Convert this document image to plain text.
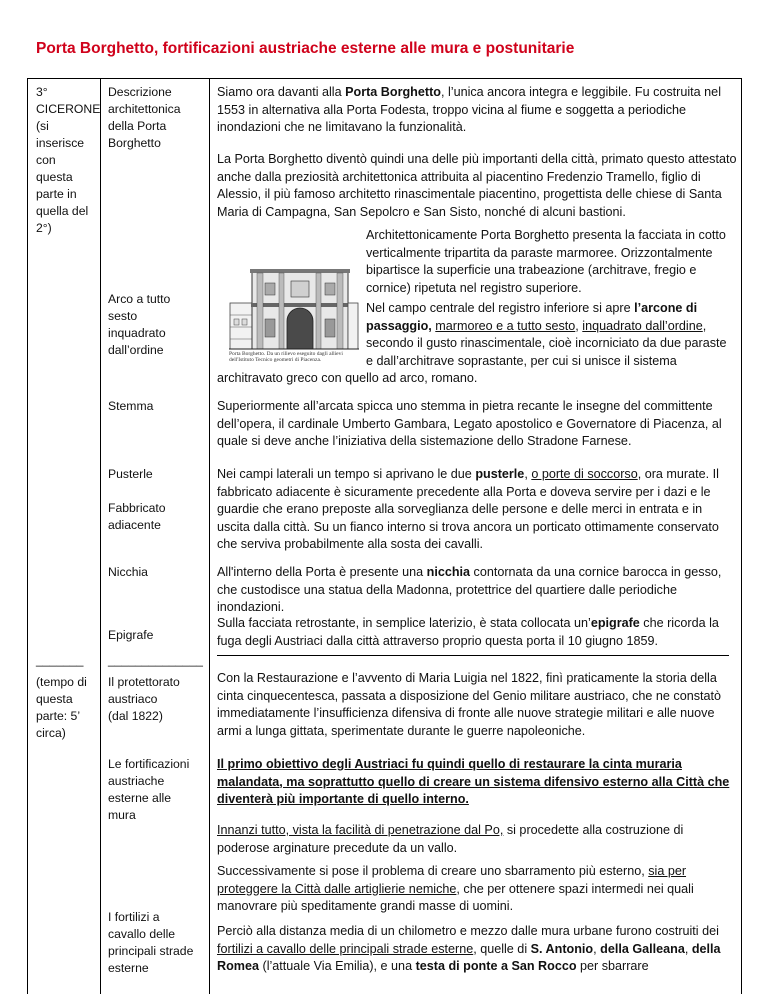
Porta Borghetto, fortificazioni austriache esterne alle mura e postunitarie
3°
CICERONE
(si
inserisce
con
questa
parte in
quella del
2°)
_______
(tempo di
questa
parte: 5’
circa)
Descrizione
architettonica
della Porta
Borghetto
Arco a tutto
sesto
inquadrato
dall’ordine
Stemma
Pusterle
Fabbricato
adiacente
Nicchia
Epigrafe
______________
Il protettorato
austriaco
(dal 1822)
Le fortificazioni
austriache
esterne alle
mura
I fortilizi a
cavallo delle
principali strade
esterne

Siamo ora davanti alla Porta Borghetto, l’unica ancora integra e leggibile. Fu costruita nel 1553 in alternativa alla Porta Fodesta, troppo vicina al fiume e soggetta a periodiche inondazioni che ne limitavano la funzionalità.

La Porta Borghetto diventò quindi una delle più importanti della città, primato questo attestato anche dalla preziosità architettonica attribuita al piacentino Fredenzio Tramello, figlio di Alessio, il più famoso architetto rinascimentale piacentino, progettista delle chiese di Santa Maria di Campagna, San Sepolcro e San Sisto, nonché di alcuni bastioni.

Porta Borghetto. Da un rilievo eseguito dagli allievi dell'Istituto Tecnico geometri di Piacenza.

Architettonicamente Porta Borghetto presenta la facciata in cotto verticalmente tripartita da paraste marmoree. Orizzontalmente bipartisce la superficie una trabeazione (architrave, fregio e cornice) ripetuta nel registro superiore.

Nel campo centrale del registro inferiore si apre l’arcone di passaggio, marmoreo e a tutto sesto, inquadrato dall’ordine, secondo il gusto rinascimentale, cioè incorniciato da due paraste e dall’architrave soprastante, per cui si unisce il sistema

architravato greco con quello ad arco, romano.

Superiormente all’arcata spicca uno stemma in pietra recante le insegne del committente dell’opera, il cardinale Umberto Gambara, Legato apostolico e Governatore di Piacenza, al quale si deve anche l’iniziativa della sistemazione dello Stradone Farnese.

Nei campi laterali un tempo si aprivano le due pusterle, o porte di soccorso, ora murate. Il fabbricato adiacente è sicuramente precedente alla Porta e doveva servire per i dazi e le guardie che erano preposte alla sorveglianza delle persone e delle merci in entrata e in uscita dalla città. Su un fianco interno si trova ancora un porticato ottimamente conservato che serviva probabilmente alla sosta dei cavalli.

All'interno della Porta è presente una nicchia contornata da una cornice barocca in gesso, che custodisce una statua della Madonna, protettrice del quartiere dalle periodiche inondazioni.

Sulla facciata retrostante, in semplice laterizio, è stata collocata un’epigrafe che ricorda la fuga degli Austriaci dalla città attraverso proprio questa porta il 10 giugno 1859.

Con la Restaurazione e l’avvento di Maria Luigia nel 1822, finì praticamente la storia della cinta cinquecentesca, passata a disposizione del Genio militare austriaco, che ne constatò immediatamente l’insufficienza difensiva di fronte alle nuove strategie militari e alle nuove armi a lunga gittata, sperimentate durante le guerre napoleoniche.

Il primo obiettivo degli Austriaci fu quindi quello di restaurare la cinta muraria malandata, ma soprattutto quello di creare un sistema difensivo esterno alla Città che diventerà più importante di quello interno.

Innanzi tutto, vista la facilità di penetrazione dal Po, si procedette alla costruzione di poderose arginature precedute da un vallo.

Successivamente si pose il problema di creare uno sbarramento più esterno, sia per proteggere la Città dalle artiglierie nemiche, che per ottenere spazi intermedi nei quali manovrare più speditamente grandi masse di uomini.

Perciò alla distanza media di un chilometro e mezzo dalle mura urbane furono costruiti dei fortilizi a cavallo delle principali strade esterne, quelle di S. Antonio, della Galleana, della Romea (l’attuale Via Emilia), e una testa di ponte a San Rocco per sbarrare
